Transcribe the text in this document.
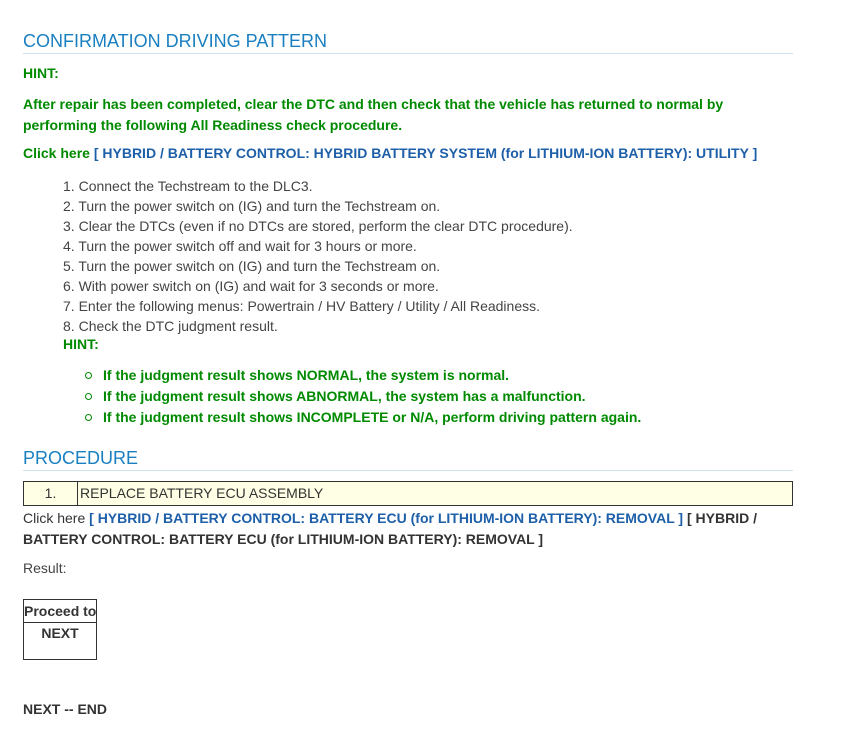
CONFIRMATION DRIVING PATTERN
HINT:
After repair has been completed, clear the DTC and then check that the vehicle has returned to normal by performing the following All Readiness check procedure.
Click here [ HYBRID / BATTERY CONTROL: HYBRID BATTERY SYSTEM (for LITHIUM-ION BATTERY): UTILITY ]
1. Connect the Techstream to the DLC3.
2. Turn the power switch on (IG) and turn the Techstream on.
3. Clear the DTCs (even if no DTCs are stored, perform the clear DTC procedure).
4. Turn the power switch off and wait for 3 hours or more.
5. Turn the power switch on (IG) and turn the Techstream on.
6. With power switch on (IG) and wait for 3 seconds or more.
7. Enter the following menus: Powertrain / HV Battery / Utility / All Readiness.
8. Check the DTC judgment result.
HINT:
If the judgment result shows NORMAL, the system is normal.
If the judgment result shows ABNORMAL, the system has a malfunction.
If the judgment result shows INCOMPLETE or N/A, perform driving pattern again.
PROCEDURE
1.	REPLACE BATTERY ECU ASSEMBLY
Click here [ HYBRID / BATTERY CONTROL: BATTERY ECU (for LITHIUM-ION BATTERY): REMOVAL ] [ HYBRID / BATTERY CONTROL: BATTERY ECU (for LITHIUM-ION BATTERY): REMOVAL ]
Result:
Proceed to
NEXT
NEXT -- END
